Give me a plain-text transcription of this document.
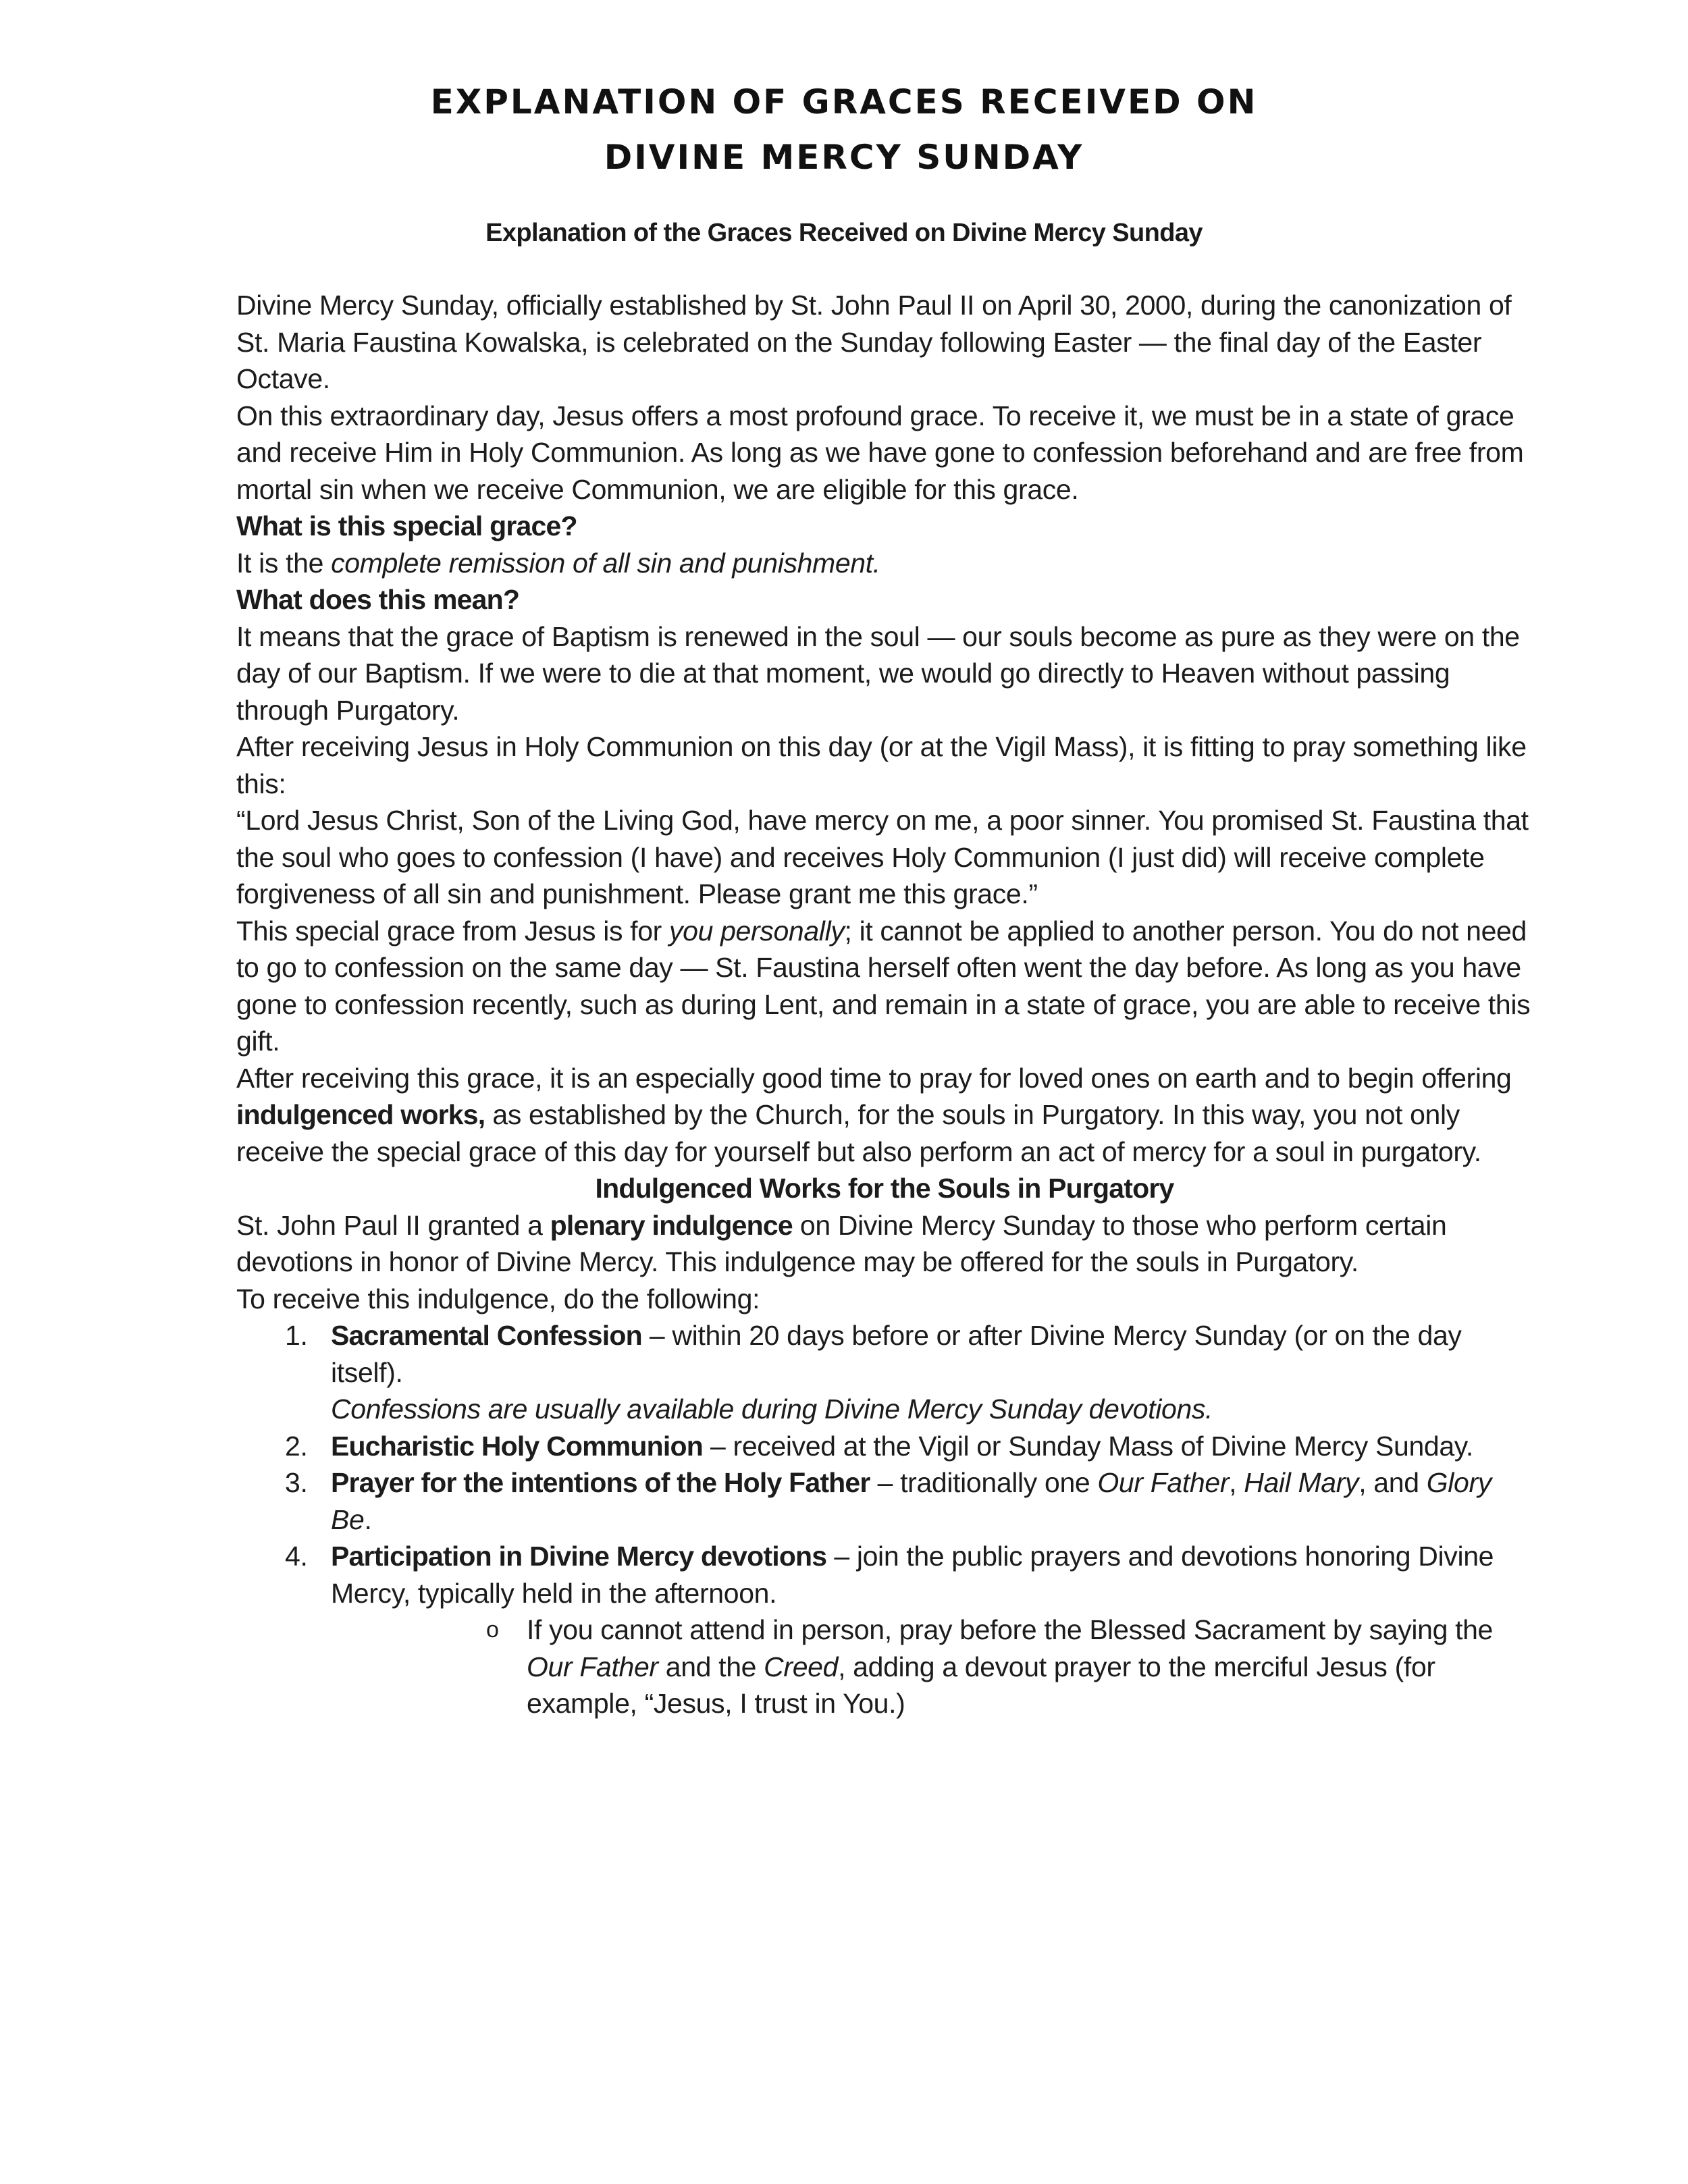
EXPLANATION OF GRACES RECEIVED ON
DIVINE MERCY SUNDAY
Explanation of the Graces Received on Divine Mercy Sunday

Divine Mercy Sunday, officially established by St. John Paul II on April 30, 2000, during the canonization of St. Maria Faustina Kowalska, is celebrated on the Sunday following Easter — the final day of the Easter Octave.

On this extraordinary day, Jesus offers a most profound grace. To receive it, we must be in a state of grace and receive Him in Holy Communion. As long as we have gone to confession beforehand and are free from mortal sin when we receive Communion, we are eligible for this grace.

What is this special grace?

It is the complete remission of all sin and punishment.

What does this mean?

It means that the grace of Baptism is renewed in the soul — our souls become as pure as they were on the day of our Baptism. If we were to die at that moment, we would go directly to Heaven without passing through Purgatory.

After receiving Jesus in Holy Communion on this day (or at the Vigil Mass), it is fitting to pray something like this:

“Lord Jesus Christ, Son of the Living God, have mercy on me, a poor sinner. You promised St. Faustina that the soul who goes to confession (I have) and receives Holy Communion (I just did) will receive complete forgiveness of all sin and punishment. Please grant me this grace.”

This special grace from Jesus is for you personally; it cannot be applied to another person. You do not need to go to confession on the same day — St. Faustina herself often went the day before. As long as you have gone to confession recently, such as during Lent, and remain in a state of grace, you are able to receive this gift.

After receiving this grace, it is an especially good time to pray for loved ones on earth and to begin offering indulgenced works, as established by the Church, for the souls in Purgatory. In this way, you not only receive the special grace of this day for yourself but also perform an act of mercy for a soul in purgatory.

Indulgenced Works for the Souls in Purgatory

St. John Paul II granted a plenary indulgence on Divine Mercy Sunday to those who perform certain devotions in honor of Divine Mercy. This indulgence may be offered for the souls in Purgatory.

To receive this indulgence, do the following:

1. Sacramental Confession – within 20 days before or after Divine Mercy Sunday (or on the day itself).
Confessions are usually available during Divine Mercy Sunday devotions.
2. Eucharistic Holy Communion – received at the Vigil or Sunday Mass of Divine Mercy Sunday.
3. Prayer for the intentions of the Holy Father – traditionally one Our Father, Hail Mary, and Glory Be.
4. Participation in Divine Mercy devotions – join the public prayers and devotions honoring Divine Mercy, typically held in the afternoon.
o If you cannot attend in person, pray before the Blessed Sacrament by saying the Our Father and the Creed, adding a devout prayer to the merciful Jesus (for example, “Jesus, I trust in You.)
